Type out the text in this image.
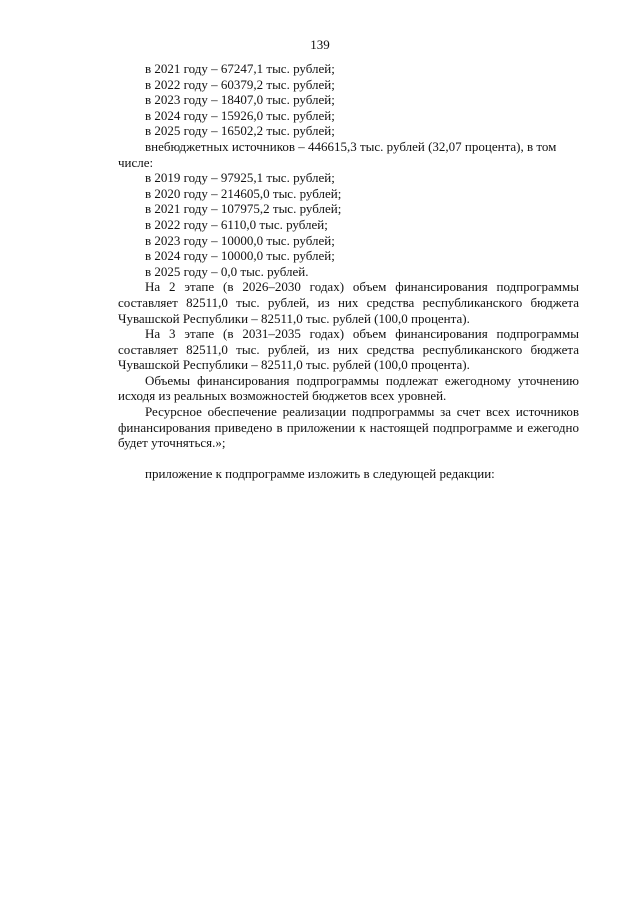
139

в 2021 году – 67247,1 тыс. рублей;

в 2022 году – 60379,2 тыс. рублей;

в 2023 году – 18407,0 тыс. рублей;

в 2024 году – 15926,0 тыс. рублей;

в 2025 году – 16502,2 тыс. рублей;

внебюджетных источников – 446615,3 тыс. рублей (32,07 процента), в том

числе:

в 2019 году – 97925,1 тыс. рублей;

в 2020 году – 214605,0 тыс. рублей;

в 2021 году – 107975,2 тыс. рублей;

в 2022 году – 6110,0 тыс. рублей;

в 2023 году – 10000,0 тыс. рублей;

в 2024 году – 10000,0 тыс. рублей;

в 2025 году – 0,0 тыс. рублей.

На 2 этапе (в 2026–2030 годах) объем финансирования подпрограммы составляет 82511,0 тыс. рублей, из них средства республиканского бюджета Чувашской Республики – 82511,0 тыс. рублей (100,0 процента).

На 3 этапе (в 2031–2035 годах) объем финансирования подпрограммы составляет 82511,0 тыс. рублей, из них средства республиканского бюджета Чувашской Республики – 82511,0 тыс. рублей (100,0 процента).

Объемы финансирования подпрограммы подлежат ежегодному уточнению исходя из реальных возможностей бюджетов всех уровней.

Ресурсное обеспечение реализации подпрограммы за счет всех источников финансирования приведено в приложении к настоящей подпрограмме и ежегодно будет уточняться.»;

приложение к подпрограмме изложить в следующей редакции:
